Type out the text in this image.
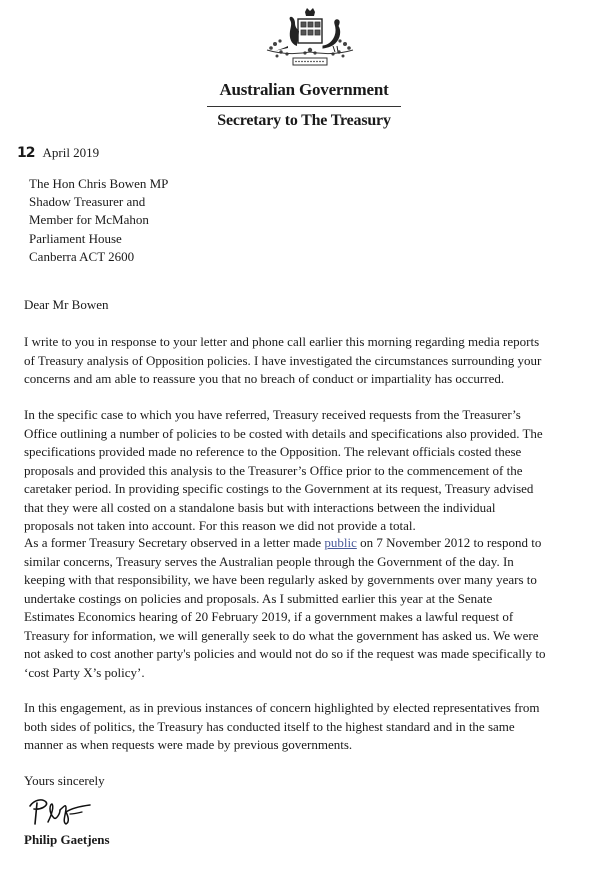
Australian Government
Secretary to The Treasury
12 April 2019
The Hon Chris Bowen MP
Shadow Treasurer and
Member for McMahon
Parliament House
Canberra ACT 2600
Dear Mr Bowen

I write to you in response to your letter and phone call earlier this morning regarding media reports

of Treasury analysis of Opposition policies. I have investigated the circumstances surrounding your

concerns and am able to reassure you that no breach of conduct or impartiality has occurred.

In the specific case to which you have referred, Treasury received requests from the Treasurer’s

Office outlining a number of policies to be costed with details and specifications also provided. The

specifications provided made no reference to the Opposition. The relevant officials costed these

proposals and provided this analysis to the Treasurer’s Office prior to the commencement of the

caretaker period. In providing specific costings to the Government at its request, Treasury advised

that they were all costed on a standalone basis but with interactions between the individual

proposals not taken into account. For this reason we did not provide a total.

As a former Treasury Secretary observed in a letter made public on 7 November 2012 to respond to

similar concerns, Treasury serves the Australian people through the Government of the day. In

keeping with that responsibility, we have been regularly asked by governments over many years to

undertake costings on policies and proposals. As I submitted earlier this year at the Senate

Estimates Economics hearing of 20 February 2019, if a government makes a lawful request of

Treasury for information, we will generally seek to do what the government has asked us. We were

not asked to cost another party's policies and would not do so if the request was made specifically to

‘cost Party X’s policy’.

In this engagement, as in previous instances of concern highlighted by elected representatives from

both sides of politics, the Treasury has conducted itself to the highest standard and in the same

manner as when requests were made by previous governments.

Yours sincerely
Philip Gaetjens
